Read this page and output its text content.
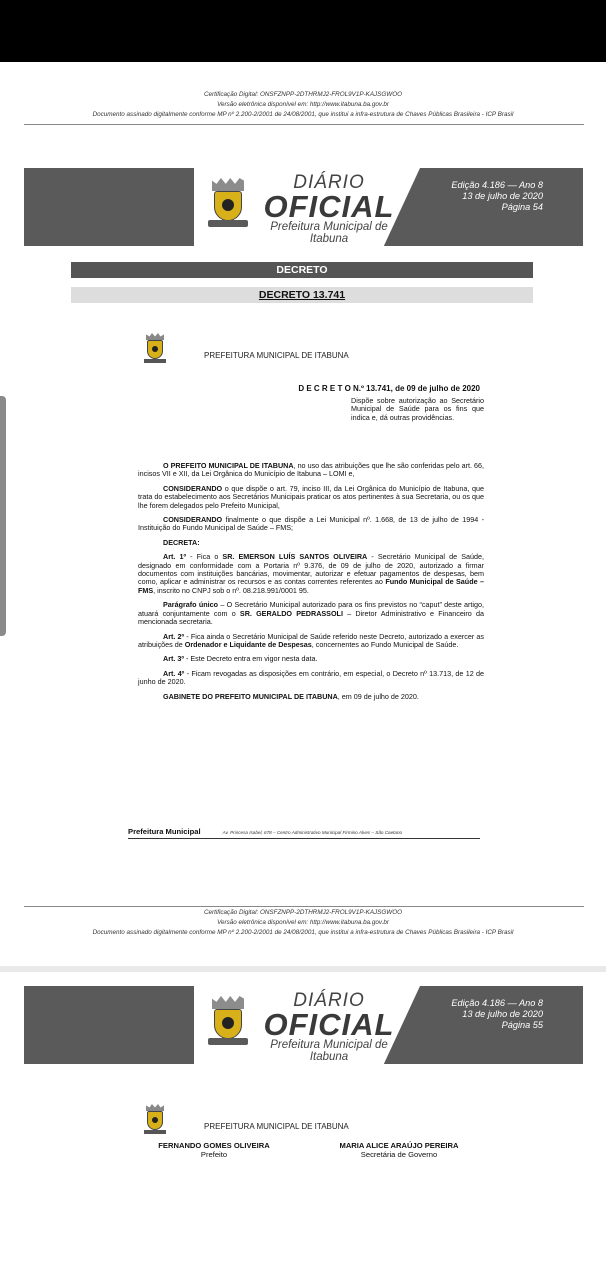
Certificação Digital: ONSFZNPP-2DTHRMJ2-FROL9V1P-KAJSGWOO
Versão eletrônica disponível em: http://www.itabuna.ba.gov.br
Documento assinado digitalmente conforme MP nº 2.200-2/2001 de 24/08/2001, que institui a infra-estrutura de Chaves Públicas Brasileira - ICP Brasil
DIÁRIO
OFICIAL
Prefeitura Municipal de
Itabuna
Edição 4.186 — Ano 8
13 de julho de 2020
Página 54
DECRETO
DECRETO 13.741
PREFEITURA MUNICIPAL DE ITABUNA
D E C R E T O N.º 13.741, de 09 de julho de 2020
Dispõe sobre autorização ao Secretário Municipal de Saúde para os fins que indica e, dá outras providências.

O PREFEITO MUNICIPAL DE ITABUNA, no uso das atribuições que lhe são conferidas pelo art. 66, incisos VII e XII, da Lei Orgânica do Município de Itabuna – LOMI e,

CONSIDERANDO o que dispõe o art. 79, inciso III, da Lei Orgânica do Município de Itabuna, que trata do estabelecimento aos Secretários Municipais praticar os atos pertinentes à sua Secretaria, ou os que lhe forem delegados pelo Prefeito Municipal,

CONSIDERANDO finalmente o que dispõe a Lei Municipal nº. 1.668, de 13 de julho de 1994 - Instituição do Fundo Municipal de Saúde – FMS;

DECRETA:

Art. 1º - Fica o SR. EMERSON LUÍS SANTOS OLIVEIRA - Secretário Municipal de Saúde, designado em conformidade com a Portaria nº 9.376, de 09 de julho de 2020, autorizado a firmar documentos com instituições bancárias, movimentar, autorizar e efetuar pagamentos de despesas, bem como, aplicar e administrar os recursos e as contas correntes referentes ao Fundo Municipal de Saúde – FMS, inscrito no CNPJ sob o nº. 08.218.991/0001 95.

Parágrafo único – O Secretário Municipal autorizado para os fins previstos no “caput” deste artigo, atuará conjuntamente com o SR. GERALDO PEDRASSOLI – Diretor Administrativo e Financeiro da mencionada secretaria.

Art. 2º - Fica ainda o Secretário Municipal de Saúde referido neste Decreto, autorizado a exercer as atribuições de Ordenador e Liquidante de Despesas, concernentes ao Fundo Municipal de Saúde.

Art. 3º - Este Decreto entra em vigor nesta data.

Art. 4º - Ficam revogadas as disposições em contrário, em especial, o Decreto nº 13.713, de 12 de junho de 2020.

GABINETE DO PREFEITO MUNICIPAL DE ITABUNA, em 09 de julho de 2020.

Prefeitura Municipal	Av. Princesa Isabel, 678 – Centro Administrativo Municipal Firmino Alves – São Caetano
Certificação Digital: ONSFZNPP-2DTHRMJ2-FROL9V1P-KAJSGWOO
Versão eletrônica disponível em: http://www.itabuna.ba.gov.br
Documento assinado digitalmente conforme MP nº 2.200-2/2001 de 24/08/2001, que institui a infra-estrutura de Chaves Públicas Brasileira - ICP Brasil
DIÁRIO
OFICIAL
Prefeitura Municipal de
Itabuna
Edição 4.186 — Ano 8
13 de julho de 2020
Página 55
PREFEITURA MUNICIPAL DE ITABUNA
FERNANDO GOMES OLIVEIRA
Prefeito
MARIA ALICE ARAÚJO PEREIRA
Secretária de Governo
